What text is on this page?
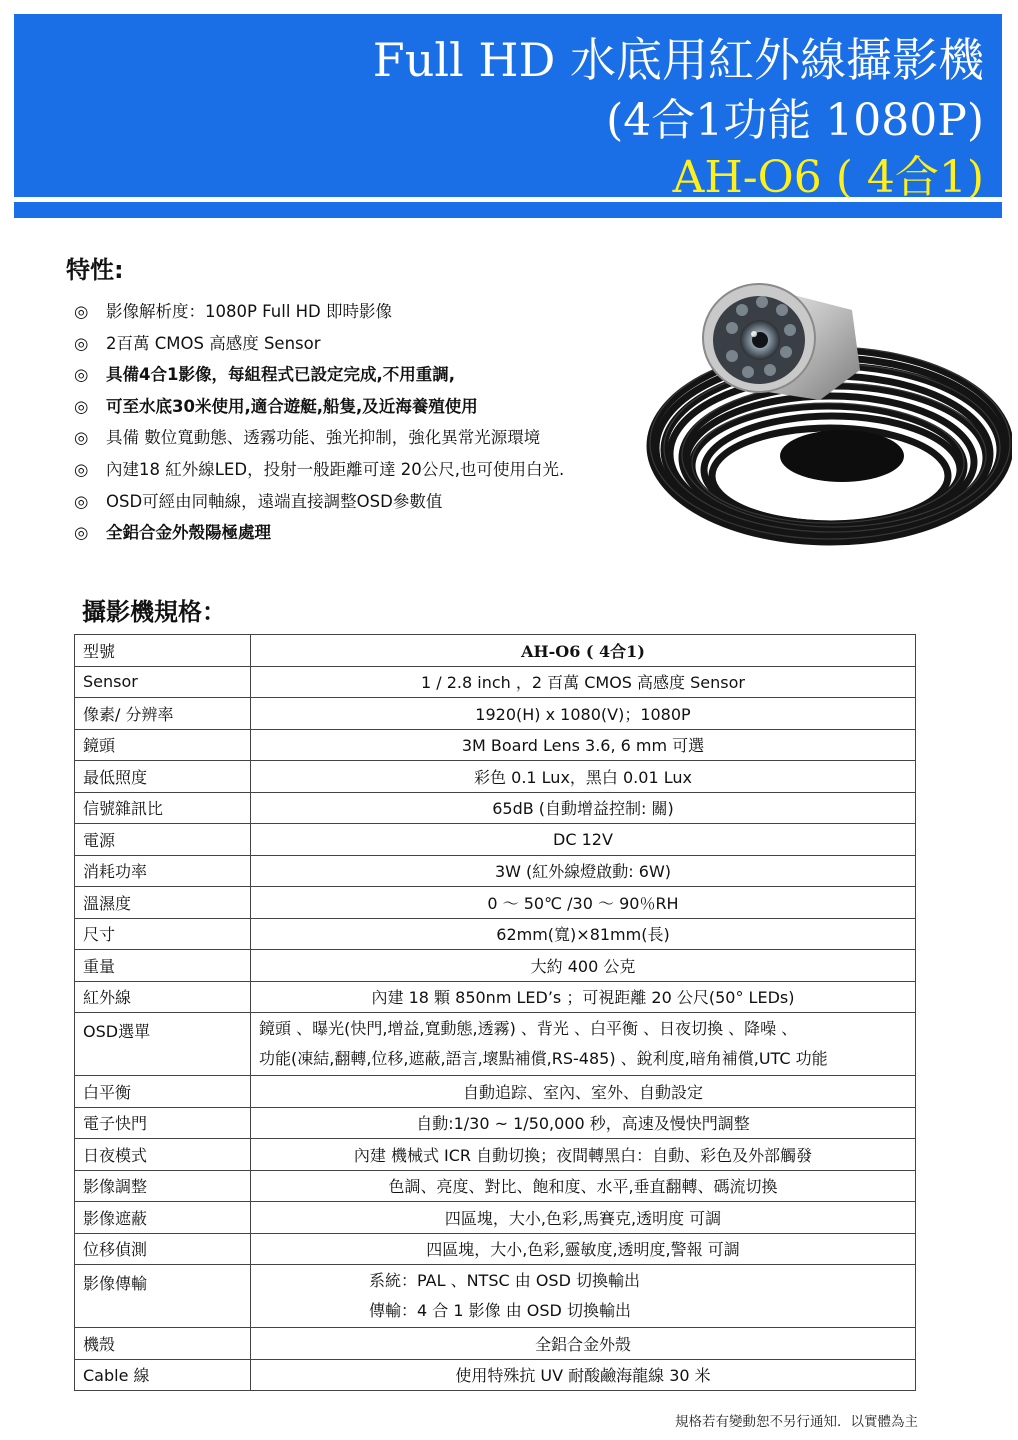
Full HD 水底用紅外線攝影機
(4合1功能 1080P)
AH-O6 ( 4合1)
特性:
◎ 影像解析度：1080P Full HD 即時影像
◎ 2百萬 CMOS 高感度 Sensor
◎ 具備4合1影像，每組程式已設定完成,不用重調,
◎ 可至水底30米使用,適合遊艇,船隻,及近海養殖使用
◎ 具備 數位寬動態、透霧功能、強光抑制，強化異常光源環境
◎ 內建18 紅外線LED，投射一般距離可達 20公尺,也可使用白光.
◎ OSD可經由同軸線，遠端直接調整OSD參數值
◎ 全鋁合金外殼陽極處理
攝影機規格：
型號	AH-O6 ( 4合1)
Sensor	1 / 2.8 inch ，2 百萬 CMOS 高感度 Sensor
像素/ 分辨率	1920(H) x 1080(V)；1080P
鏡頭	3M Board Lens 3.6, 6 mm 可選
最低照度	彩色 0.1 Lux，黑白 0.01 Lux
信號雜訊比	65dB (自動增益控制: 關)
電源	DC 12V
消耗功率	3W (紅外線燈啟動: 6W)
溫濕度	0 ～ 50℃ /30 ～ 90％RH
尺寸	62mm(寬)×81mm(長)
重量	大約 400 公克
紅外線	內建 18 顆 850nm LED’s ；可視距離 20 公尺(50° LEDs)
OSD選單	鏡頭 、曝光(快門,增益,寬動態,透霧) 、背光 、白平衡 、日夜切換 、降噪 、
功能(凍結,翻轉,位移,遮蔽,語言,壞點補償,RS-485) 、銳利度,暗角補償,UTC 功能

白平衡	自動追踪、室內、室外、自動設定
電子快門	自動:1/30 ~ 1/50,000 秒，高速及慢快門調整
日夜模式	內建 機械式 ICR 自動切換；夜間轉黑白：自動、彩色及外部觸發
影像調整	色調、亮度、對比、飽和度、水平,垂直翻轉、碼流切換
影像遮蔽	四區塊，大小,色彩,馬賽克,透明度 可調
位移偵測	四區塊，大小,色彩,靈敏度,透明度,警報 可調
影像傳輸	系統：PAL 、NTSC 由 OSD 切換輸出
傳輸：4 合 1 影像 由 OSD 切換輸出

機殼	全鋁合金外殼
Cable 線	使用特殊抗 UV 耐酸鹼海龍線 30 米
規格若有變動恕不另行通知．以實體為主
